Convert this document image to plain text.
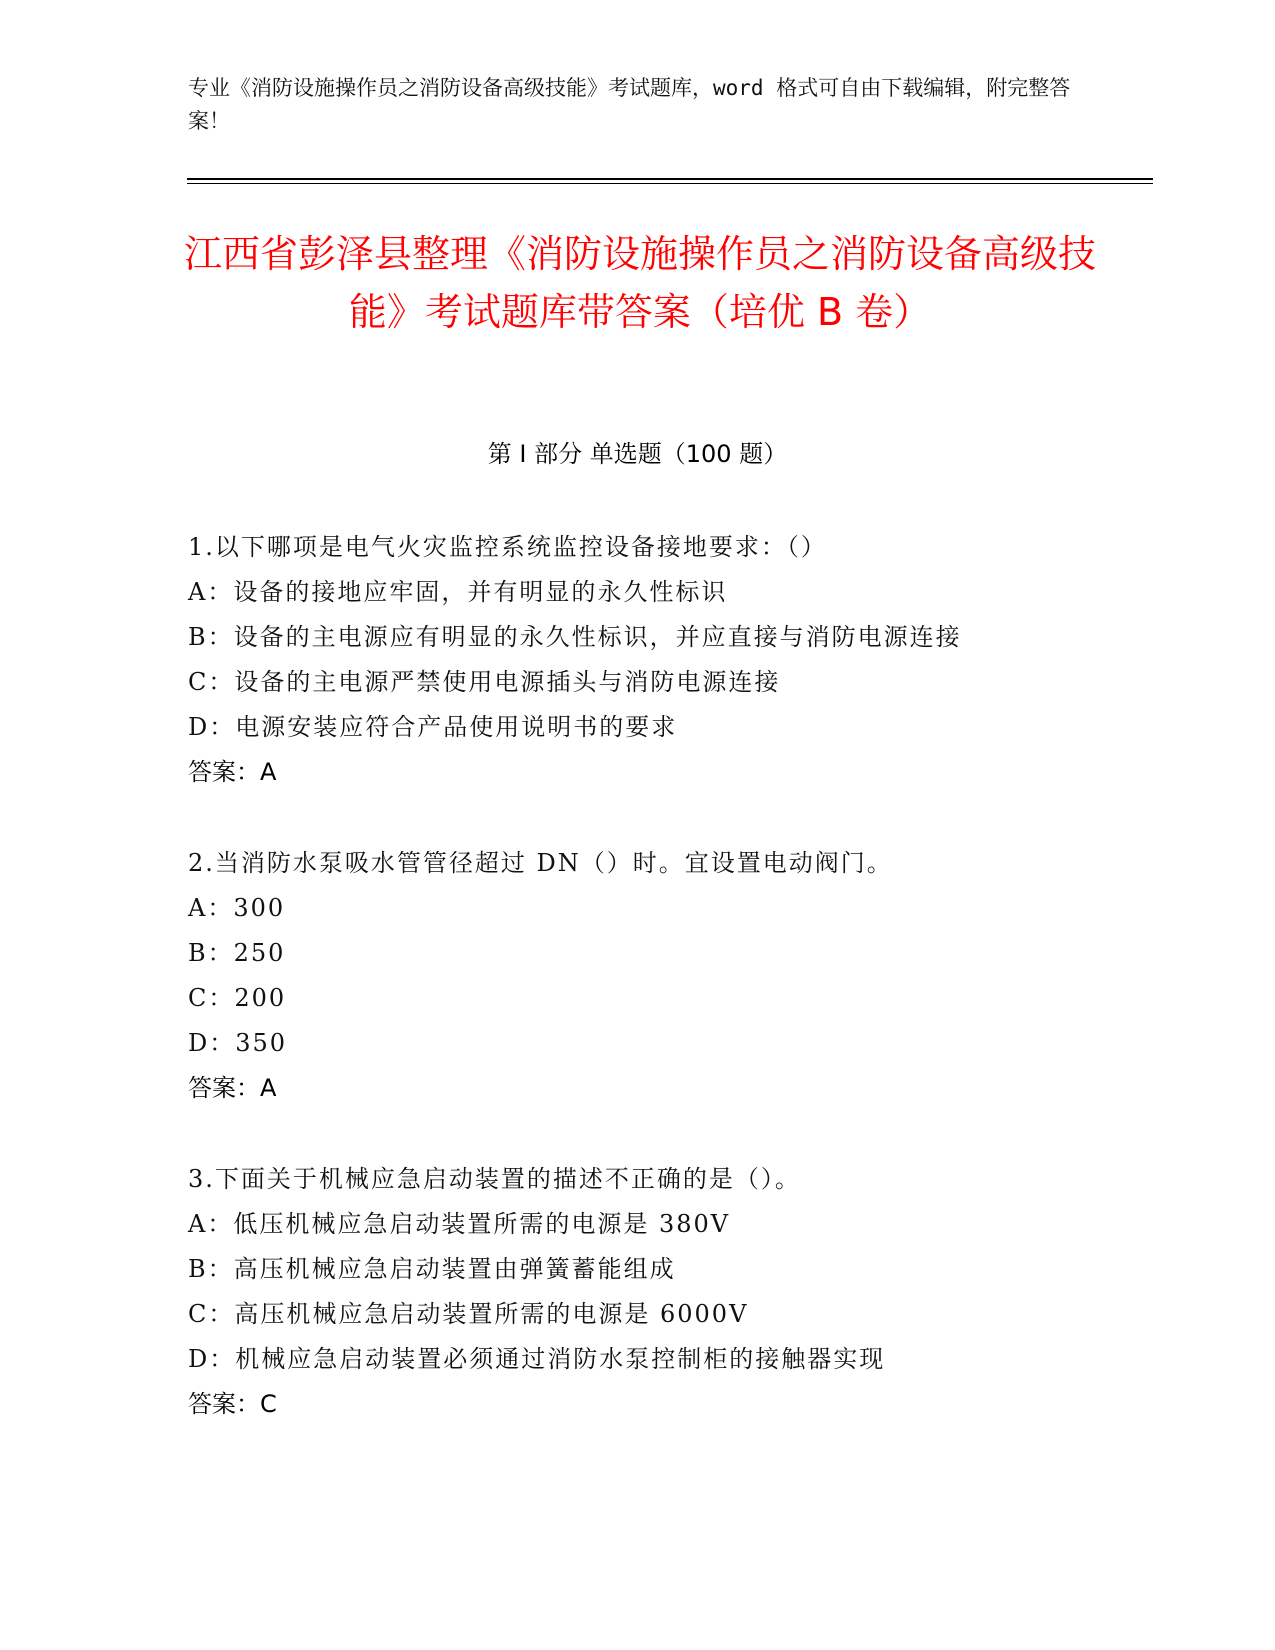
专业《消防设施操作员之消防设备高级技能》考试题库，word 格式可自由下载编辑，附完整答案！
江西省彭泽县整理《消防设施操作员之消防设备高级技能》考试题库带答案（培优 B 卷）
第 I 部分 单选题（100 题）
1.以下哪项是电气火灾监控系统监控设备接地要求：（）
A：设备的接地应牢固，并有明显的永久性标识
B：设备的主电源应有明显的永久性标识，并应直接与消防电源连接
C：设备的主电源严禁使用电源插头与消防电源连接
D：电源安装应符合产品使用说明书的要求
答案：A
2.当消防水泵吸水管管径超过 DN（）时。宜设置电动阀门。
A：300
B：250
C：200
D：350
答案：A
3.下面关于机械应急启动装置的描述不正确的是（）。
A：低压机械应急启动装置所需的电源是 380V
B：高压机械应急启动装置由弹簧蓄能组成
C：高压机械应急启动装置所需的电源是 6000V
D：机械应急启动装置必须通过消防水泵控制柜的接触器实现
答案：C
